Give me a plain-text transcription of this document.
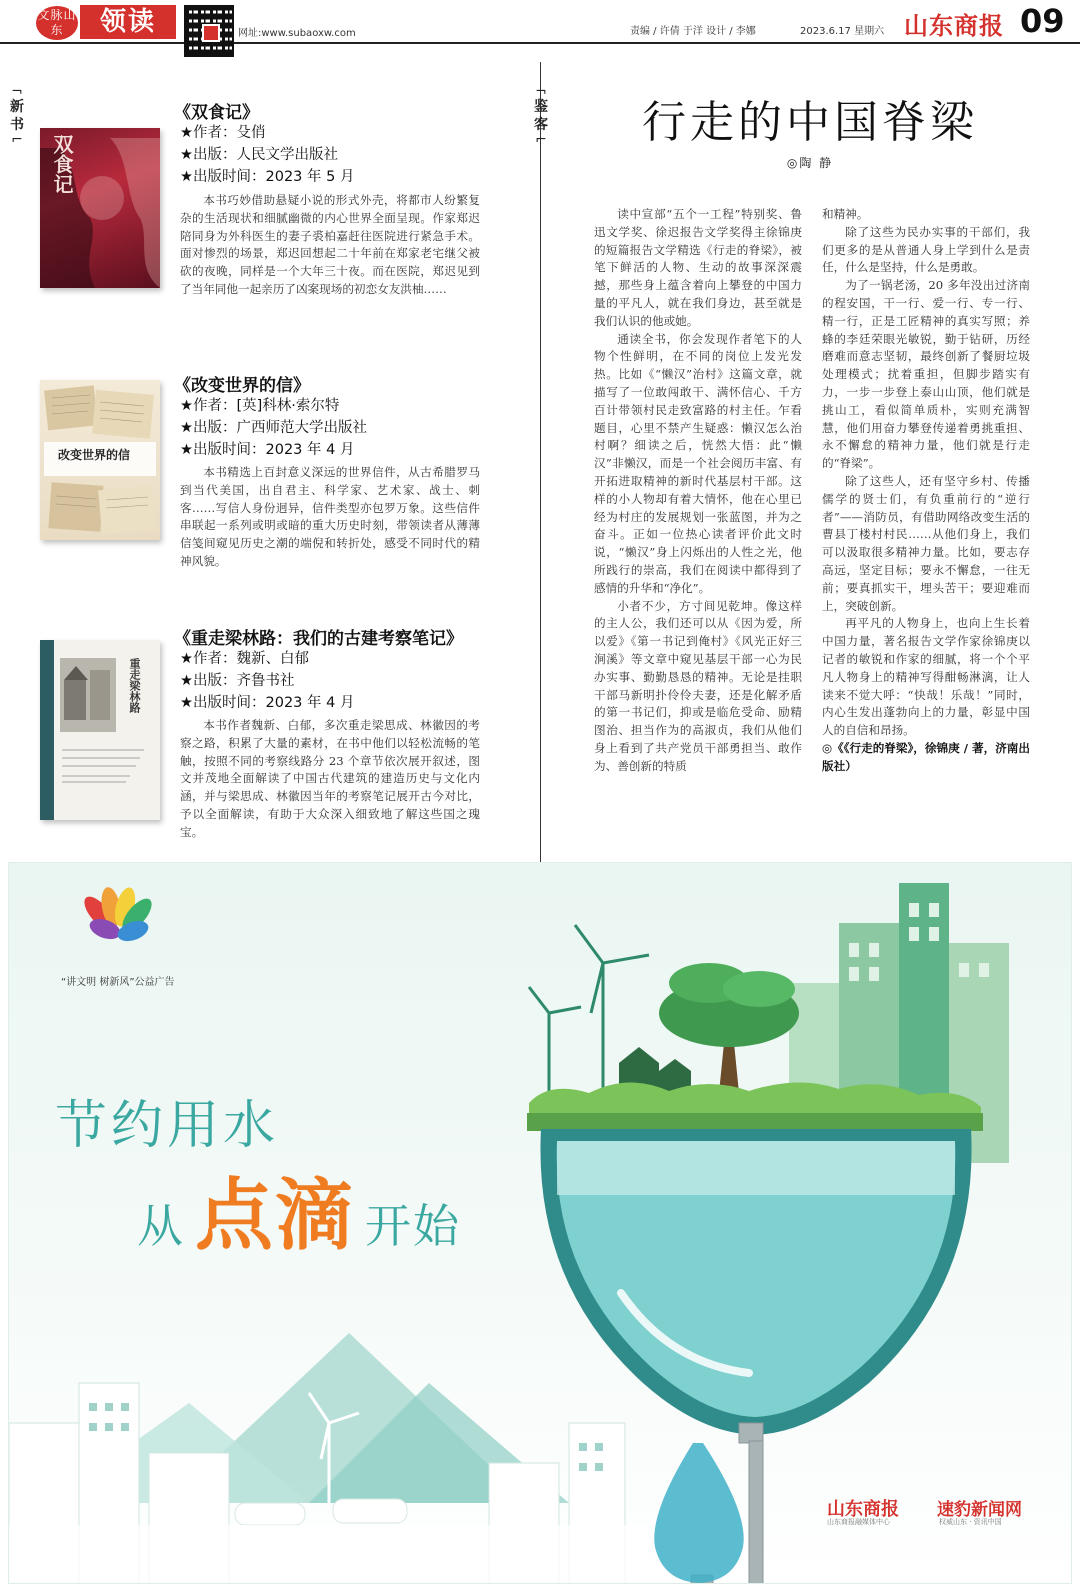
文脉山东	领读	网址:www.subaoxw.com	责编 / 许倩 于洋 设计 / 李娜	2023.6.17 星期六 山东商报 09
¬
新书
⌐ 双食记
《双食记》
★作者：殳俏
★出版：人民文学出版社
★出版时间：2023 年 5 月
本书巧妙借助悬疑小说的形式外壳，将都市人纷繁复杂的生活现状和细腻幽微的内心世界全面呈现。作家郑迟陪同身为外科医生的妻子裘柏嘉赶往医院进行紧急手术。面对惨烈的场景，郑迟回想起二十年前在郑家老宅继父被砍的夜晚，同样是一个大年三十夜。而在医院，郑迟见到了当年同他一起亲历了凶案现场的初恋女友洪柚……
改变世界的信
《改变世界的信》
★作者：[英]科林·索尔特
★出版：广西师范大学出版社
★出版时间：2023 年 4 月
本书精选上百封意义深远的世界信件，从古希腊罗马到当代美国，出自君主、科学家、艺术家、战士、刺客……写信人身份迥异，信件类型亦包罗万象。这些信件串联起一系列或明或暗的重大历史时刻，带领读者从薄薄信笺间窥见历史之潮的端倪和转折处，感受不同时代的精神风貌。
重走梁林路
《重走梁林路：我们的古建考察笔记》
★作者：魏新、白郁
★出版：齐鲁书社
★出版时间：2023 年 4 月
本书作者魏新、白郁，多次重走梁思成、林徽因的考察之路，积累了大量的素材，在书中他们以轻松流畅的笔触，按照不同的考察线路分 23 个章节依次展开叙述，图文并茂地全面解读了中国古代建筑的建造历史与文化内涵，并与梁思成、林徽因当年的考察笔记展开古今对比，予以全面解读，有助于大众深入细致地了解这些国之瑰宝。
¬
鉴客
⌐	行走的中国脊梁
◎陶 静

读中宣部“五个一工程”特别奖、鲁迅文学奖、徐迟报告文学奖得主徐锦庚的短篇报告文学精选《行走的脊梁》，被笔下鲜活的人物、生动的故事深深震撼，那些身上蕴含着向上攀登的中国力量的平凡人，就在我们身边，甚至就是我们认识的他或她。

通读全书，你会发现作者笔下的人物个性鲜明，在不同的岗位上发光发热。比如《“懒汉”治村》这篇文章，就描写了一位敢闯敢干、满怀信心、千方百计带领村民走致富路的村主任。乍看题目，心里不禁产生疑惑：懒汉怎么治村啊？细读之后，恍然大悟：此“懒汉”非懒汉，而是一个社会阅历丰富、有开拓进取精神的新时代基层村干部。这样的小人物却有着大情怀，他在心里已经为村庄的发展规划一张蓝图，并为之奋斗。正如一位热心读者评价此文时说，“懒汉”身上闪烁出的人性之光，他所践行的崇高，我们在阅读中都得到了感情的升华和“净化”。

小者不少，方寸间见乾坤。像这样的主人公，我们还可以从《因为爱，所以爱》《第一书记到俺村》《风光正好三涧溪》等文章中窥见基层干部一心为民办实事、勤勤恳恳的精神。无论是挂职干部马新明扑伶伶夫妻，还是化解矛盾的第一书记们，抑或是临危受命、励精图治、担当作为的高淑贞，我们从他们身上看到了共产党员干部勇担当、敢作为、善创新的特质

和精神。

除了这些为民办实事的干部们，我们更多的是从普通人身上学到什么是责任，什么是坚持，什么是勇敢。

为了一锅老汤，20 多年没出过济南的程安国，干一行、爱一行、专一行、精一行，正是工匠精神的真实写照；养蜂的李廷荣眼光敏锐，勤于钻研，历经磨难而意志坚韧，最终创新了餐厨垃圾处理模式；扰着重担，但脚步踏实有力，一步一步登上泰山山顶，他们就是挑山工，看似简单质朴，实则充满智慧，他们用奋力攀登传递着勇挑重担、永不懈怠的精神力量，他们就是行走的“脊梁”。

除了这些人，还有坚守乡村、传播儒学的贤士们，有负重前行的“逆行者”——消防员，有借助网络改变生活的曹县丁楼村村民……从他们身上，我们可以汲取很多精神力量。比如，要志存高远，坚定目标；要永不懈怠，一往无前；要真抓实干，埋头苦干；要迎难而上，突破创新。

再平凡的人物身上，也向上生长着中国力量，著名报告文学作家徐锦庚以记者的敏锐和作家的细腻，将一个个平凡人物身上的精神写得酣畅淋漓，让人读来不觉大呼：“快哉！乐哉！”同时，内心生发出蓬勃向上的力量，彰显中国人的自信和昂扬。

◎《《行走的脊梁》，徐锦庚 / 著，济南出版社）

“讲文明 树新风”公益广告
节约用水
从 点滴 开始
山东商报 速豹新闻网
山东商报融媒体中心	权威山东 · 资讯中国
